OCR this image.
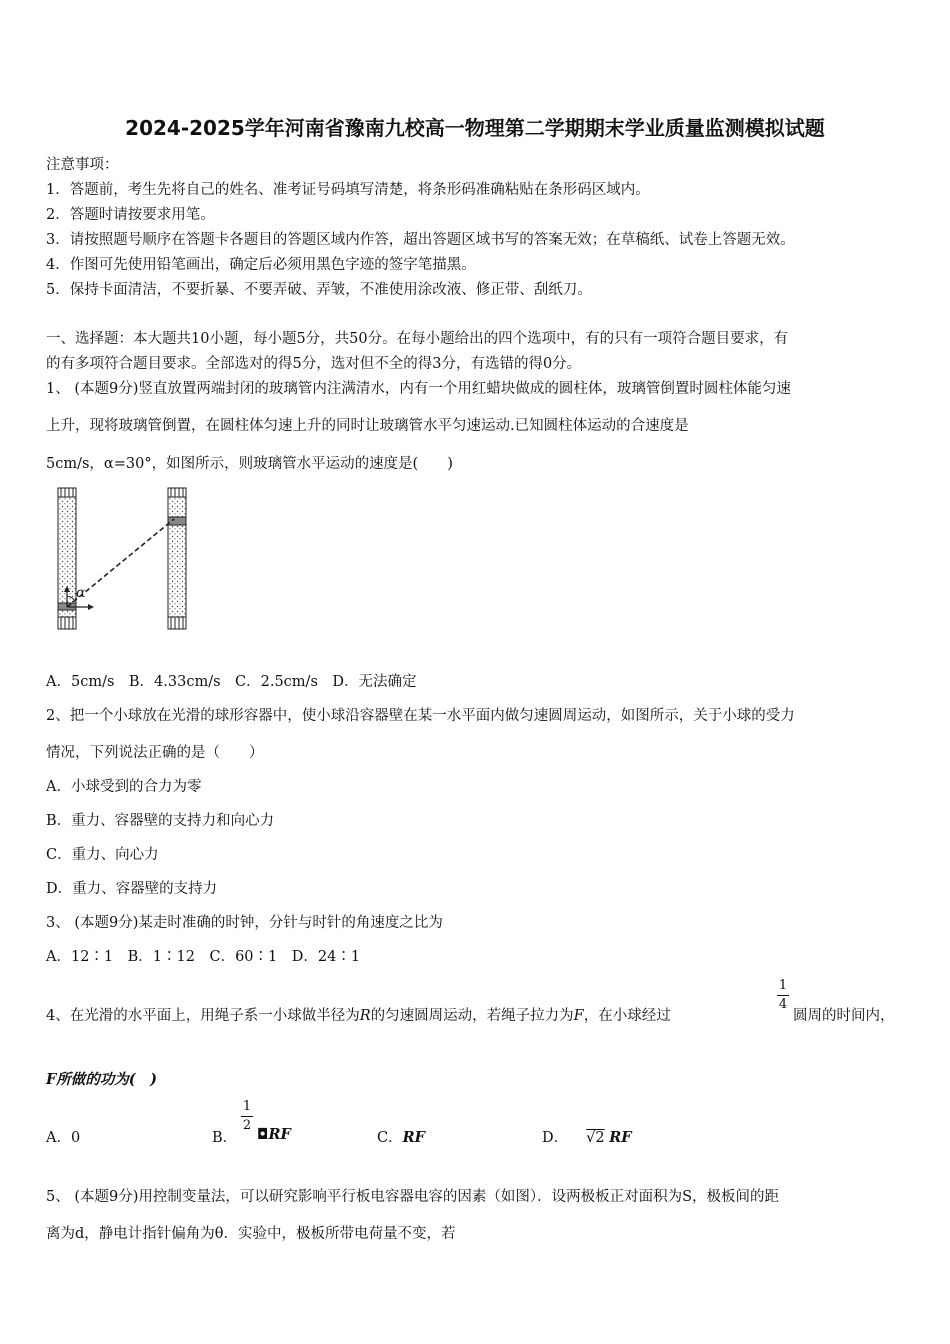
2024-2025学年河南省豫南九校高一物理第二学期期末学业质量监测模拟试题
注意事项：
1．答题前，考生先将自己的姓名、准考证号码填写清楚，将条形码准确粘贴在条形码区域内。
2．答题时请按要求用笔。
3．请按照题号顺序在答题卡各题目的答题区域内作答，超出答题区域书写的答案无效；在草稿纸、试卷上答题无效。
4．作图可先使用铅笔画出，确定后必须用黑色字迹的签字笔描黑。
5．保持卡面清洁，不要折暴、不要弄破、弄皱，不准使用涂改液、修正带、刮纸刀。
一、选择题：本大题共10小题，每小题5分，共50分。在每小题给出的四个选项中，有的只有一项符合题目要求，有
的有多项符合题目要求。全部选对的得5分，选对但不全的得3分，有选错的得0分。
1、 (本题9分)竖直放置两端封闭的玻璃管内注满清水，内有一个用红蜡块做成的圆柱体，玻璃管倒置时圆柱体能匀速
上升，现将玻璃管倒置，在圆柱体匀速上升的同时让玻璃管水平匀速运动.已知圆柱体运动的合速度是
5cm/s，α=30°，如图所示，则玻璃管水平运动的速度是(　　)
α
A．5cm/s　B．4.33cm/s　C．2.5cm/s　D．无法确定
2、把一个小球放在光滑的球形容器中，使小球沿容器壁在某一水平面内做匀速圆周运动，如图所示，关于小球的受力
情况，下列说法正确的是（　　）
A．小球受到的合力为零
B．重力、容器壁的支持力和向心力
C．重力、向心力
D．重力、容器壁的支持力
3、 (本题9分)某走时准确的时钟，分针与时针的角速度之比为
A．12∶1　B．1∶12　C．60∶1　D．24∶1
4、在光滑的水平面上，用绳子系一小球做半径为R的匀速圆周运动，若绳子拉力为F，在小球经过
1
4
圆周的时间内，
F所做的功为(　)
A．0	B．
1
2
◘RF	C．RF	D． √2 RF
5、 (本题9分)用控制变量法，可以研究影响平行板电容器电容的因素（如图）．设两极板正对面积为S，极板间的距
离为d，静电计指针偏角为θ．实验中，极板所带电荷量不变，若
